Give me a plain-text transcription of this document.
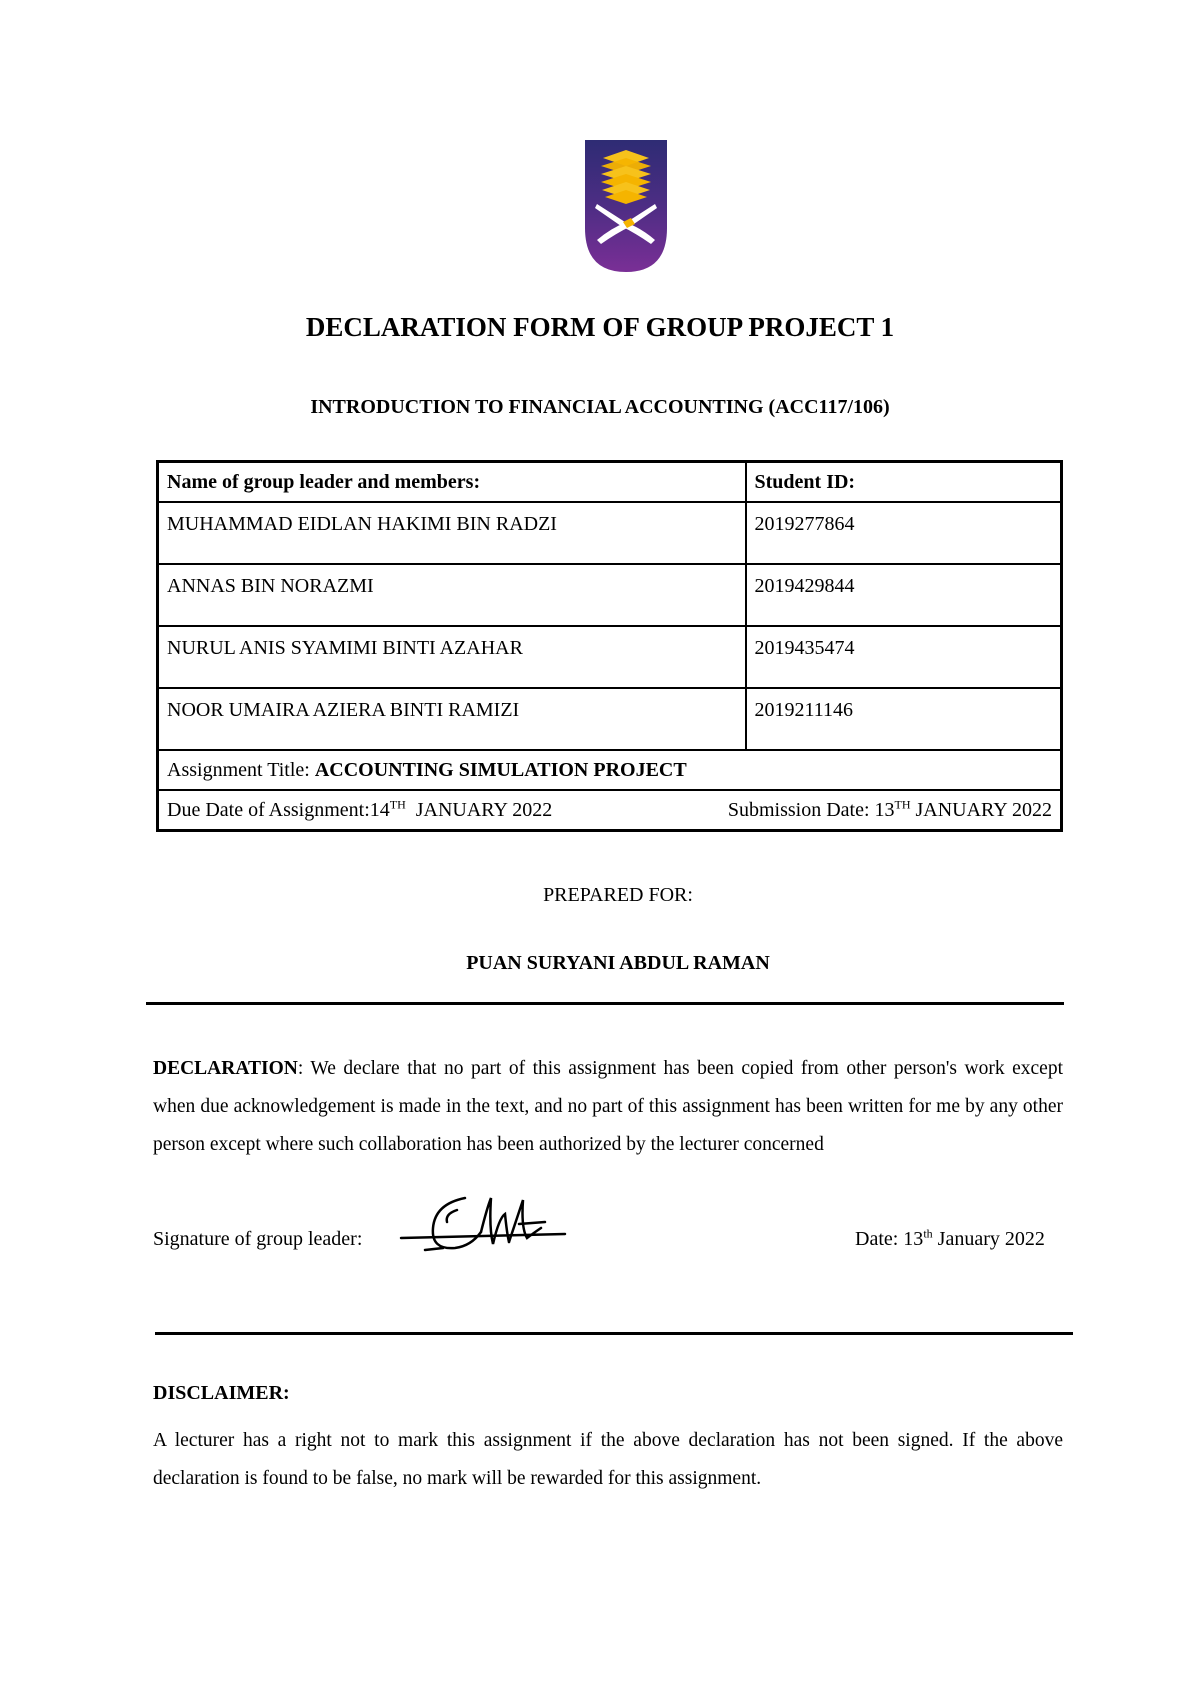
DECLARATION FORM OF GROUP PROJECT 1
INTRODUCTION TO FINANCIAL ACCOUNTING (ACC117/106)
Name of group leader and members:	Student ID:
MUHAMMAD EIDLAN HAKIMI BIN RADZI	2019277864
ANNAS BIN NORAZMI	2019429844
NURUL ANIS SYAMIMI BINTI AZAHAR	2019435474
NOOR UMAIRA AZIERA BINTI RAMIZI	2019211146
Assignment Title: ACCOUNTING SIMULATION PROJECT	

Due Date of Assignment:14TH  JANUARY 2022 Submission Date: 13TH JANUARY 2022	
PREPARED FOR:
PUAN SURYANI ABDUL RAMAN
DECLARATION: We declare that no part of this assignment has been copied from other person's work except when due acknowledgement is made in the text, and no part of this assignment has been written for me by any other person except where such collaboration has been authorized by the lecturer concerned
Signature of group leader:	Date: 13th January 2022
DISCLAIMER:
A lecturer has a right not to mark this assignment if the above declaration has not been signed. If the above declaration is found to be false, no mark will be rewarded for this assignment.
